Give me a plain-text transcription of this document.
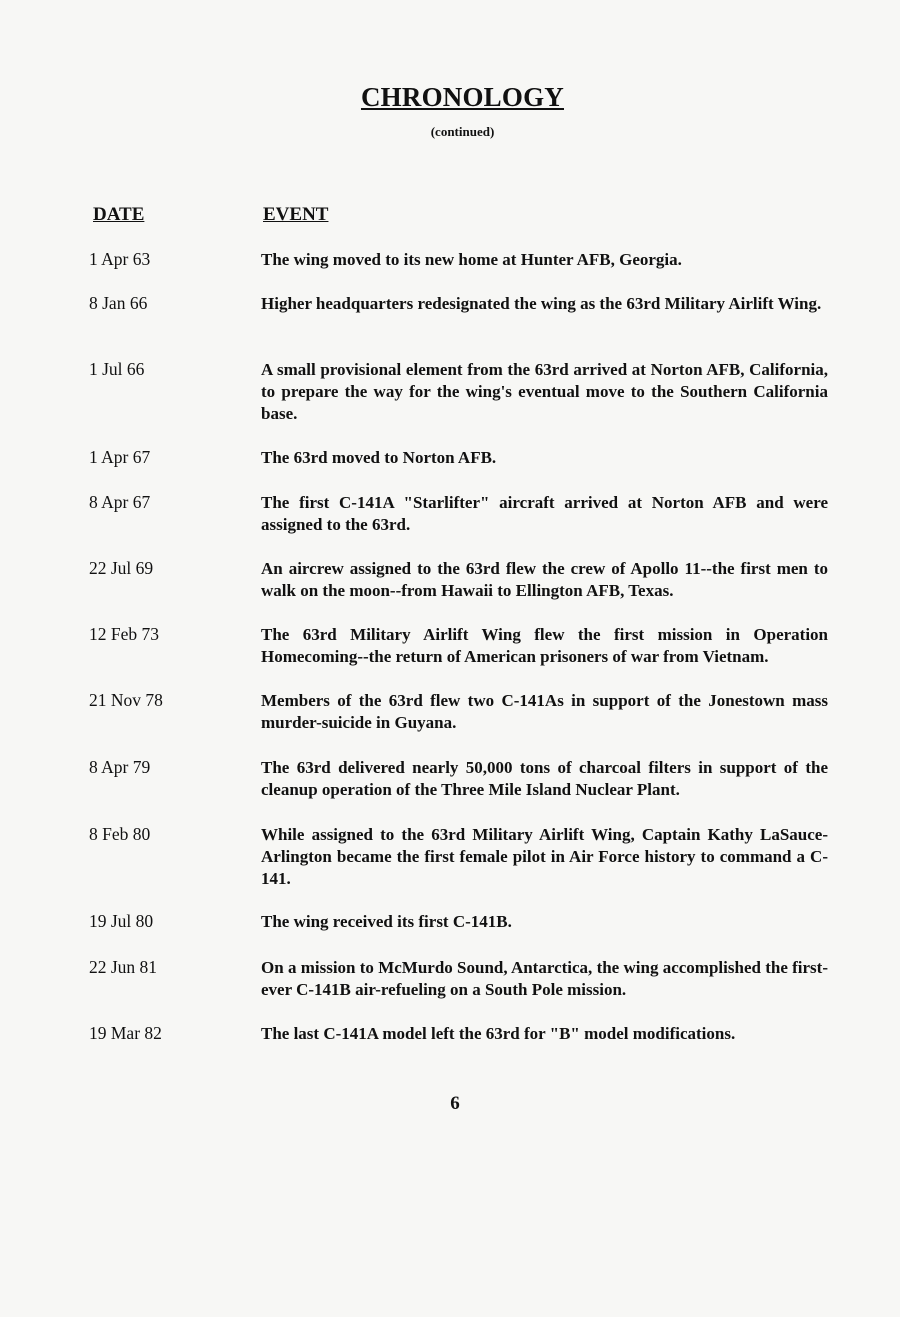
CHRONOLOGY
(continued)
DATE	EVENT
1 Apr 63	The wing moved to its new home at Hunter AFB, Georgia.
8 Jan 66	Higher headquarters redesignated the wing as the 63rd Military Airlift Wing.
1 Jul 66	A small provisional element from the 63rd arrived at Norton AFB, California, to prepare the way for the wing's eventual move to the Southern California base.
1 Apr 67	The 63rd moved to Norton AFB.
8 Apr 67	The first C-141A "Starlifter" aircraft arrived at Norton AFB and were assigned to the 63rd.
22 Jul 69	An aircrew assigned to the 63rd flew the crew of Apollo 11--the first men to walk on the moon--from Hawaii to Ellington AFB, Texas.
12 Feb 73	The 63rd Military Airlift Wing flew the first mission in Operation Homecoming--the return of American prisoners of war from Vietnam.
21 Nov 78	Members of the 63rd flew two C-141As in support of the Jonestown mass murder-suicide in Guyana.
8 Apr 79	The 63rd delivered nearly 50,000 tons of charcoal filters in support of the cleanup operation of the Three Mile Island Nuclear Plant.
8 Feb 80	While assigned to the 63rd Military Airlift Wing, Captain Kathy LaSauce-Arlington became the first female pilot in Air Force history to command a C-141.
19 Jul 80	The wing received its first C-141B.
22 Jun 81	On a mission to McMurdo Sound, Antarctica, the wing accomplished the first-ever C-141B air-refueling on a South Pole mission.
19 Mar 82	The last C-141A model left the 63rd for "B" model modifications.
6
